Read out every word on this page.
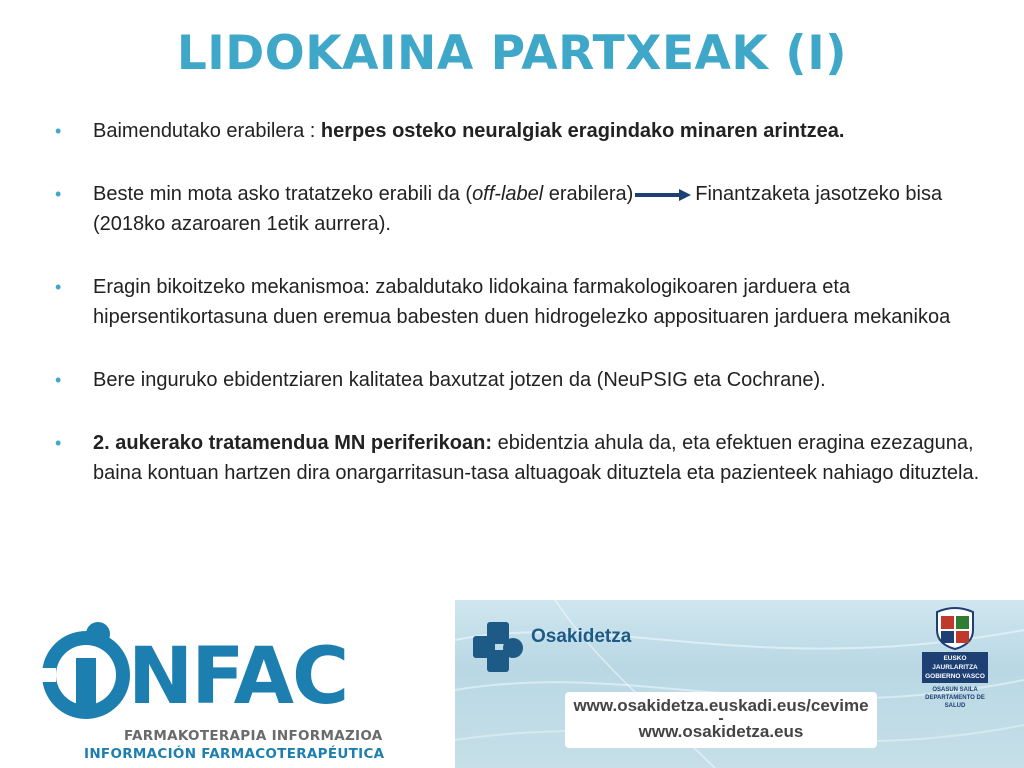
LIDOKAINA PARTXEAK (I)
• Baimendutako erabilera : herpes osteko neuralgiak eragindako minaren arintzea.
• Beste min mota asko tratatzeko erabili da (off-label erabilera)	Finantzaketa jasotzeko bisa (2018ko azaroaren 1etik aurrera).
• Eragin bikoitzeko mekanismoa: zabaldutako lidokaina farmakologikoaren jarduera eta hipersentikortasuna duen eremua babesten duen hidrogelezko apposituaren jarduera mekanikoa
• Bere inguruko ebidentziaren kalitatea baxutzat jotzen da (NeuPSIG eta Cochrane).
• 2. aukerako tratamendua MN periferikoan: ebidentzia ahula da, eta efektuen eragina ezezaguna, baina kontuan hartzen dira onargarritasun-tasa altuagoak dituztela eta pazienteek nahiago dituztela.
NFAC
FARMAKOTERAPIA INFORMAZIOA
INFORMACIÓN FARMACOTERAPÉUTICA
Osakidetza
www.osakidetza.euskadi.eus/cevime
-
www.osakidetza.eus
EUSKO JAURLARITZA
GOBIERNO VASCO
OSASUN SAILA
DEPARTAMENTO DE SALUD
